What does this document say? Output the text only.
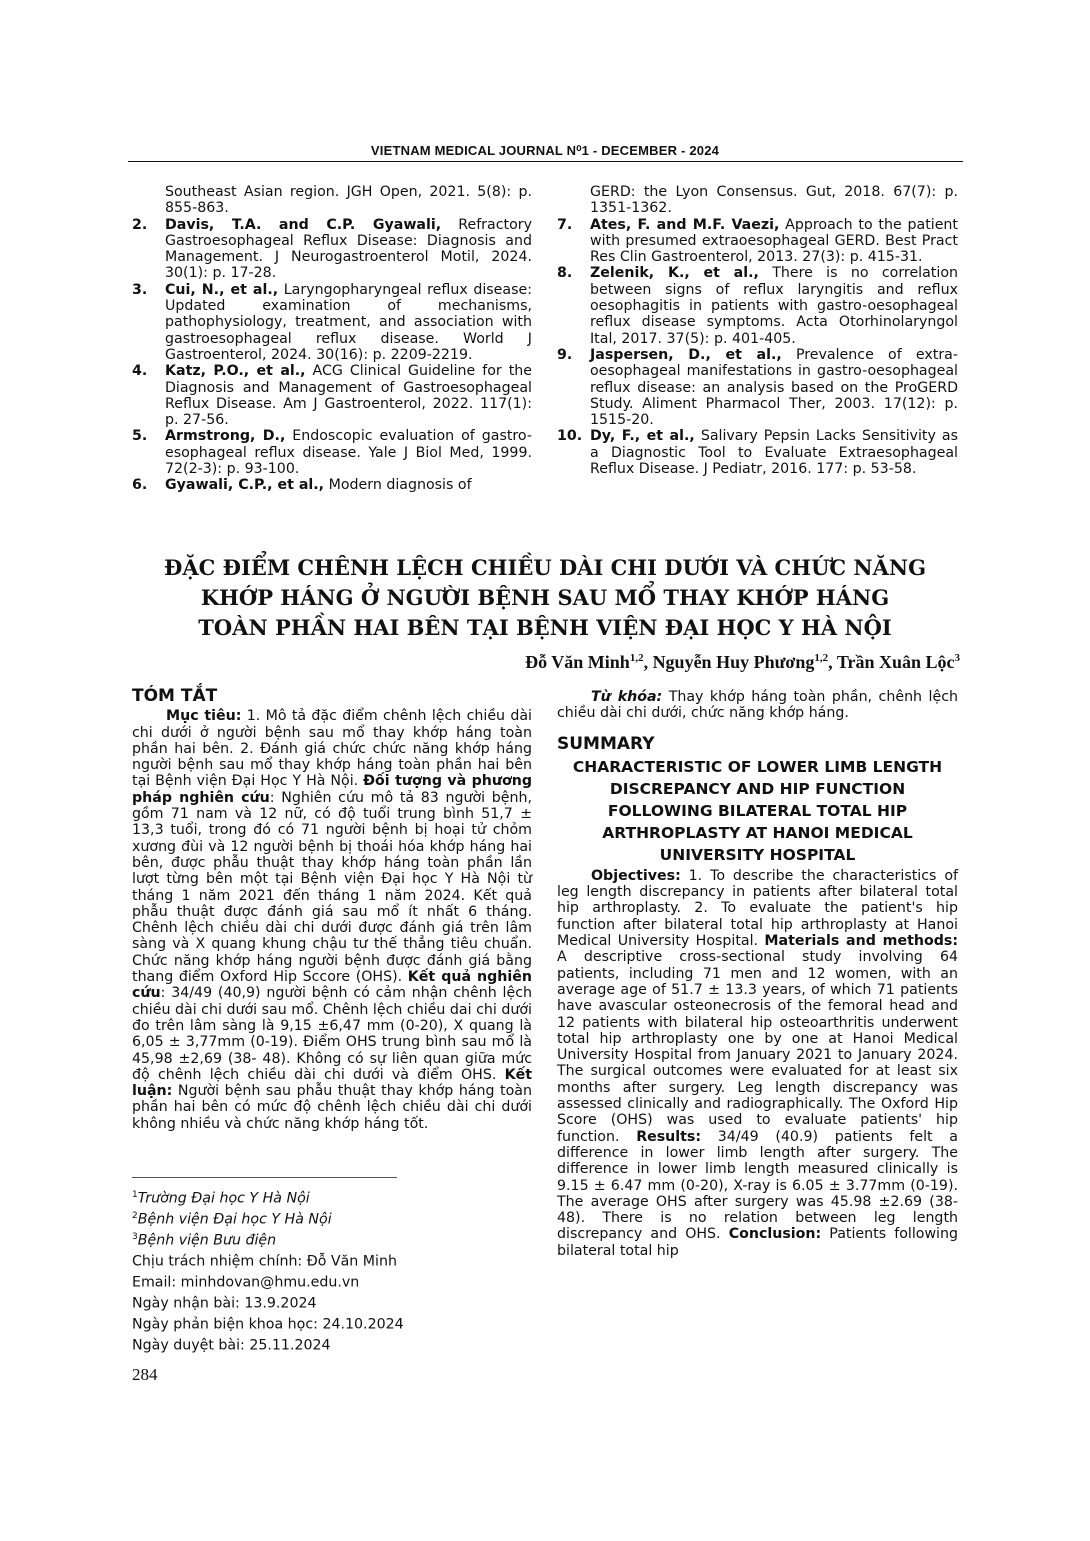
VIETNAM MEDICAL JOURNAL N⁰1 - DECEMBER - 2024
Southeast Asian region. JGH Open, 2021. 5(8): p. 855-863.
2.	Davis, T.A. and C.P. Gyawali, Refractory Gastroesophageal Reflux Disease: Diagnosis and Management. J Neurogastroenterol Motil, 2024. 30(1): p. 17-28.
3.	Cui, N., et al., Laryngopharyngeal reflux disease: Updated examination of mechanisms, pathophysiology, treatment, and association with gastroesophageal reflux disease. World J Gastroenterol, 2024. 30(16): p. 2209-2219.
4.	Katz, P.O., et al., ACG Clinical Guideline for the Diagnosis and Management of Gastroesophageal Reflux Disease. Am J Gastroenterol, 2022. 117(1): p. 27-56.
5.	Armstrong, D., Endoscopic evaluation of gastro-esophageal reflux disease. Yale J Biol Med, 1999. 72(2-3): p. 93-100.
6.	Gyawali, C.P., et al., Modern diagnosis of
GERD: the Lyon Consensus. Gut, 2018. 67(7): p. 1351-1362.
7.	Ates, F. and M.F. Vaezi, Approach to the patient with presumed extraoesophageal GERD. Best Pract Res Clin Gastroenterol, 2013. 27(3): p. 415-31.
8.	Zelenik, K., et al., There is no correlation between signs of reflux laryngitis and reflux oesophagitis in patients with gastro-oesophageal reflux disease symptoms. Acta Otorhinolaryngol Ital, 2017. 37(5): p. 401-405.
9.	Jaspersen, D., et al., Prevalence of extra-oesophageal manifestations in gastro-oesophageal reflux disease: an analysis based on the ProGERD Study. Aliment Pharmacol Ther, 2003. 17(12): p. 1515-20.
10. Dy, F., et al., Salivary Pepsin Lacks Sensitivity as a Diagnostic Tool to Evaluate Extraesophageal Reflux Disease. J Pediatr, 2016. 177: p. 53-58.
ĐẶC ĐIỂM CHÊNH LỆCH CHIỀU DÀI CHI DƯỚI VÀ CHỨC NĂNG
KHỚP HÁNG Ở NGƯỜI BỆNH SAU MỔ THAY KHỚP HÁNG
TOÀN PHẦN HAI BÊN TẠI BỆNH VIỆN ĐẠI HỌC Y HÀ NỘI
Đỗ Văn Minh$^{1,2}$, Nguyễn Huy Phương$^{1,2}$, Trần Xuân Lộc$^3$
TÓM TẮT

Mục tiêu: 1. Mô tả đặc điểm chênh lệch chiều dài chi dưới ở người bệnh sau mổ thay khớp háng toàn phần hai bên. 2. Đánh giá chức chức năng khớp háng người bệnh sau mổ thay khớp háng toàn phần hai bên tại Bệnh viện Đại Học Y Hà Nội. Đối tượng và phương pháp nghiên cứu: Nghiên cứu mô tả 83 người bệnh, gồm 71 nam và 12 nữ, có độ tuổi trung bình 51,7 ± 13,3 tuổi, trong đó có 71 người bệnh bị hoại tử chỏm xương đùi và 12 người bệnh bị thoái hóa khớp háng hai bên, được phẫu thuật thay khớp háng toàn phần lần lượt từng bên một tại Bệnh viện Đại học Y Hà Nội từ tháng 1 năm 2021 đến tháng 1 năm 2024. Kết quả phẫu thuật được đánh giá sau mổ ít nhất 6 tháng. Chênh lệch chiều dài chi dưới được đánh giá trên lâm sàng và X quang khung chậu tư thế thẳng tiêu chuẩn. Chức năng khớp háng người bệnh được đánh giá bằng thang điểm Oxford Hip Sccore (OHS). Kết quả nghiên cứu: 34/49 (40,9) người bệnh có cảm nhận chênh lệch chiều dài chi dưới sau mổ. Chênh lệch chiều dai chi dưới đo trên lâm sàng là 9,15 ±6,47 mm (0-20), X quang là 6,05 ± 3,77mm (0-19). Điểm OHS trung bình sau mổ là 45,98 ±2,69 (38- 48). Không có sự liên quan giữa mức độ chênh lệch chiều dài chi dưới và điểm OHS. Kết luận: Người bệnh sau phẫu thuật thay khớp háng toàn phần hai bên có mức độ chênh lệch chiều dài chi dưới không nhiều và chức năng khớp háng tốt.

$^1$Trường Đại học Y Hà Nội
$^2$Bệnh viện Đại học Y Hà Nội
$^3$Bệnh viện Bưu điện
Chịu trách nhiệm chính: Đỗ Văn Minh
Email: minhdovan@hmu.edu.vn
Ngày nhận bài: 13.9.2024
Ngày phản biện khoa học: 24.10.2024
Ngày duyệt bài: 25.11.2024

Từ khóa: Thay khớp háng toàn phần, chênh lệch chiều dài chi dưới, chức năng khớp háng.

SUMMARY
CHARACTERISTIC OF LOWER LIMB LENGTH DISCREPANCY AND HIP FUNCTION FOLLOWING BILATERAL TOTAL HIP ARTHROPLASTY AT HANOI MEDICAL UNIVERSITY HOSPITAL

Objectives: 1. To describe the characteristics of leg length discrepancy in patients after bilateral total hip arthroplasty. 2. To evaluate the patient's hip function after bilateral total hip arthroplasty at Hanoi Medical University Hospital. Materials and methods: A descriptive cross-sectional study involving 64 patients, including 71 men and 12 women, with an average age of 51.7 ± 13.3 years, of which 71 patients have avascular osteonecrosis of the femoral head and 12 patients with bilateral hip osteoarthritis underwent total hip arthroplasty one by one at Hanoi Medical University Hospital from January 2021 to January 2024. The surgical outcomes were evaluated for at least six months after surgery. Leg length discrepancy was assessed clinically and radiographically. The Oxford Hip Score (OHS) was used to evaluate patients' hip function. Results: 34/49 (40.9) patients felt a difference in lower limb length after surgery. The difference in lower limb length measured clinically is 9.15 ± 6.47 mm (0-20), X-ray is 6.05 ± 3.77mm (0-19). The average OHS after surgery was 45.98 ±2.69 (38- 48). There is no relation between leg length discrepancy and OHS. Conclusion: Patients following bilateral total hip

284
